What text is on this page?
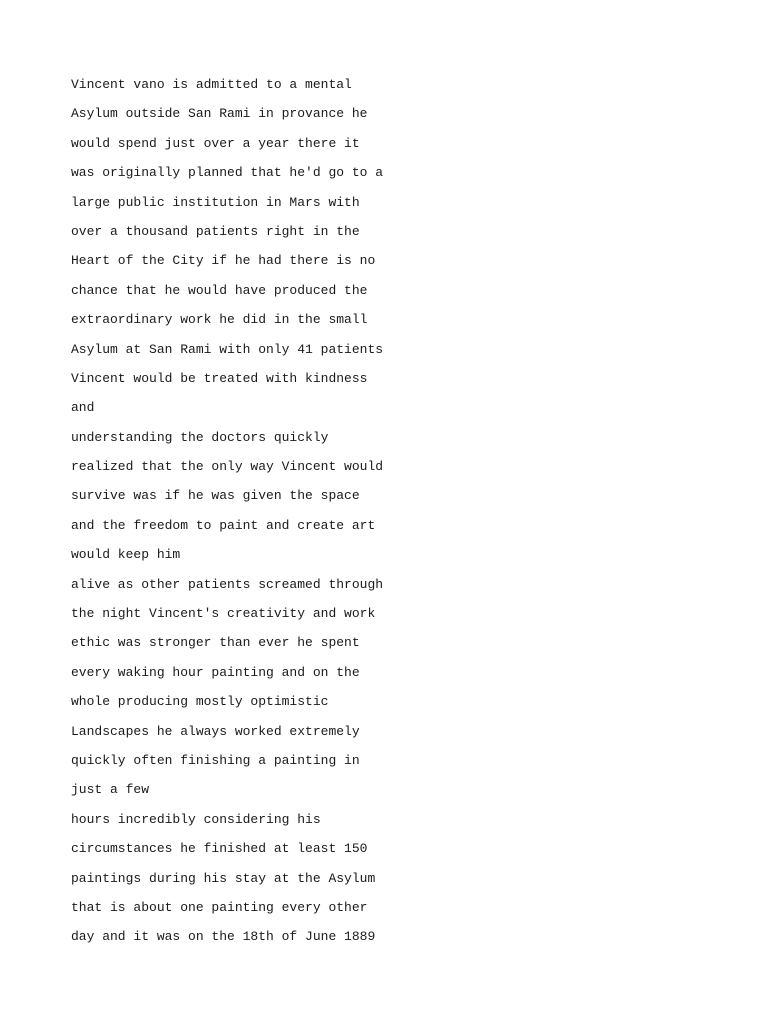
Vincent vano is admitted to a mental

Asylum outside San Rami in provance he

would spend just over a year there it

was originally planned that he'd go to a

large public institution in Mars with

over a thousand patients right in the

Heart of the City if he had there is no

chance that he would have produced the

extraordinary work he did in the small

Asylum at San Rami with only 41 patients

Vincent would be treated with kindness

and

understanding the doctors quickly

realized that the only way Vincent would

survive was if he was given the space

and the freedom to paint and create art

would keep him

alive as other patients screamed through

the night Vincent's creativity and work

ethic was stronger than ever he spent

every waking hour painting and on the

whole producing mostly optimistic

Landscapes he always worked extremely

quickly often finishing a painting in

just a few

hours incredibly considering his

circumstances he finished at least 150

paintings during his stay at the Asylum

that is about one painting every other

day and it was on the 18th of June 1889
